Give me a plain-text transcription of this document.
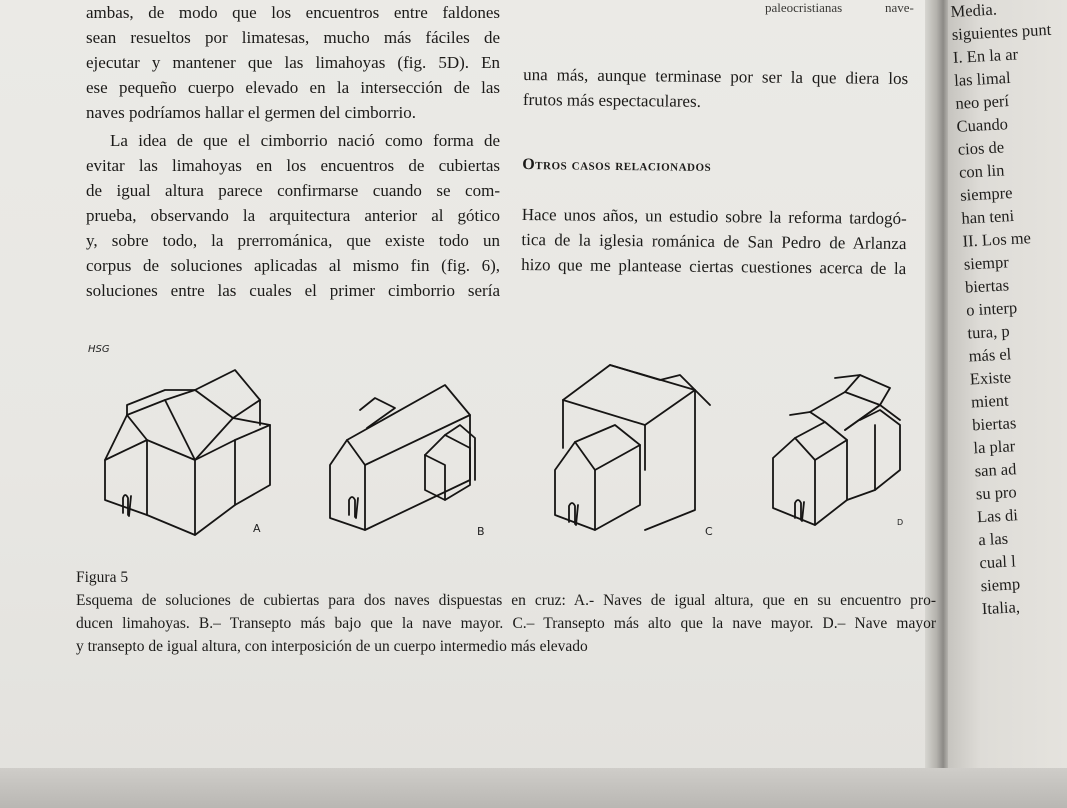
paleocristianas	nave-

ambas, de modo que los encuentros entre faldones
sean resueltos por limatesas, mucho más fáciles de
ejecutar y mantener que las limahoyas (fig. 5D). En
ese pequeño cuerpo elevado en la intersección de las
naves podríamos hallar el germen del cimborrio.

La idea de que el cimborrio nació como forma de
evitar las limahoyas en los encuentros de cubiertas
de igual altura parece confirmarse cuando se com-
prueba, observando la arquitectura anterior al gótico
y, sobre todo, la prerrománica, que existe todo un
corpus de soluciones aplicadas al mismo fin (fig. 6),
soluciones entre las cuales el primer cimborrio sería

una más, aunque terminase por ser la que diera los
frutos más espectaculares.

Otros casos relacionados

Hace unos años, un estudio sobre la reforma tardogó-
tica de la iglesia románica de San Pedro de Arlanza
hizo que me plantease ciertas cuestiones acerca de la

HSG
A	B	C
D
Figura 5
Esquema de soluciones de cubiertas para dos naves dispuestas en cruz: A.- Naves de igual altura, que en su encuentro pro-
ducen limahoyas. B.– Transepto más bajo que la nave mayor. C.– Transepto más alto que la nave mayor. D.– Nave mayor
y transepto de igual altura, con interposición de un cuerpo intermedio más elevado
Media.
siguientes punt
I. En la ar
las limal
neo perí
Cuando
cios de
con lin
siempre
han teni
II. Los me
siempr
biertas
o interp
tura, p
más el
Existe
mient
biertas
la plar
san ad
su pro
Las di
a las
cual l
siemp
Italia,
